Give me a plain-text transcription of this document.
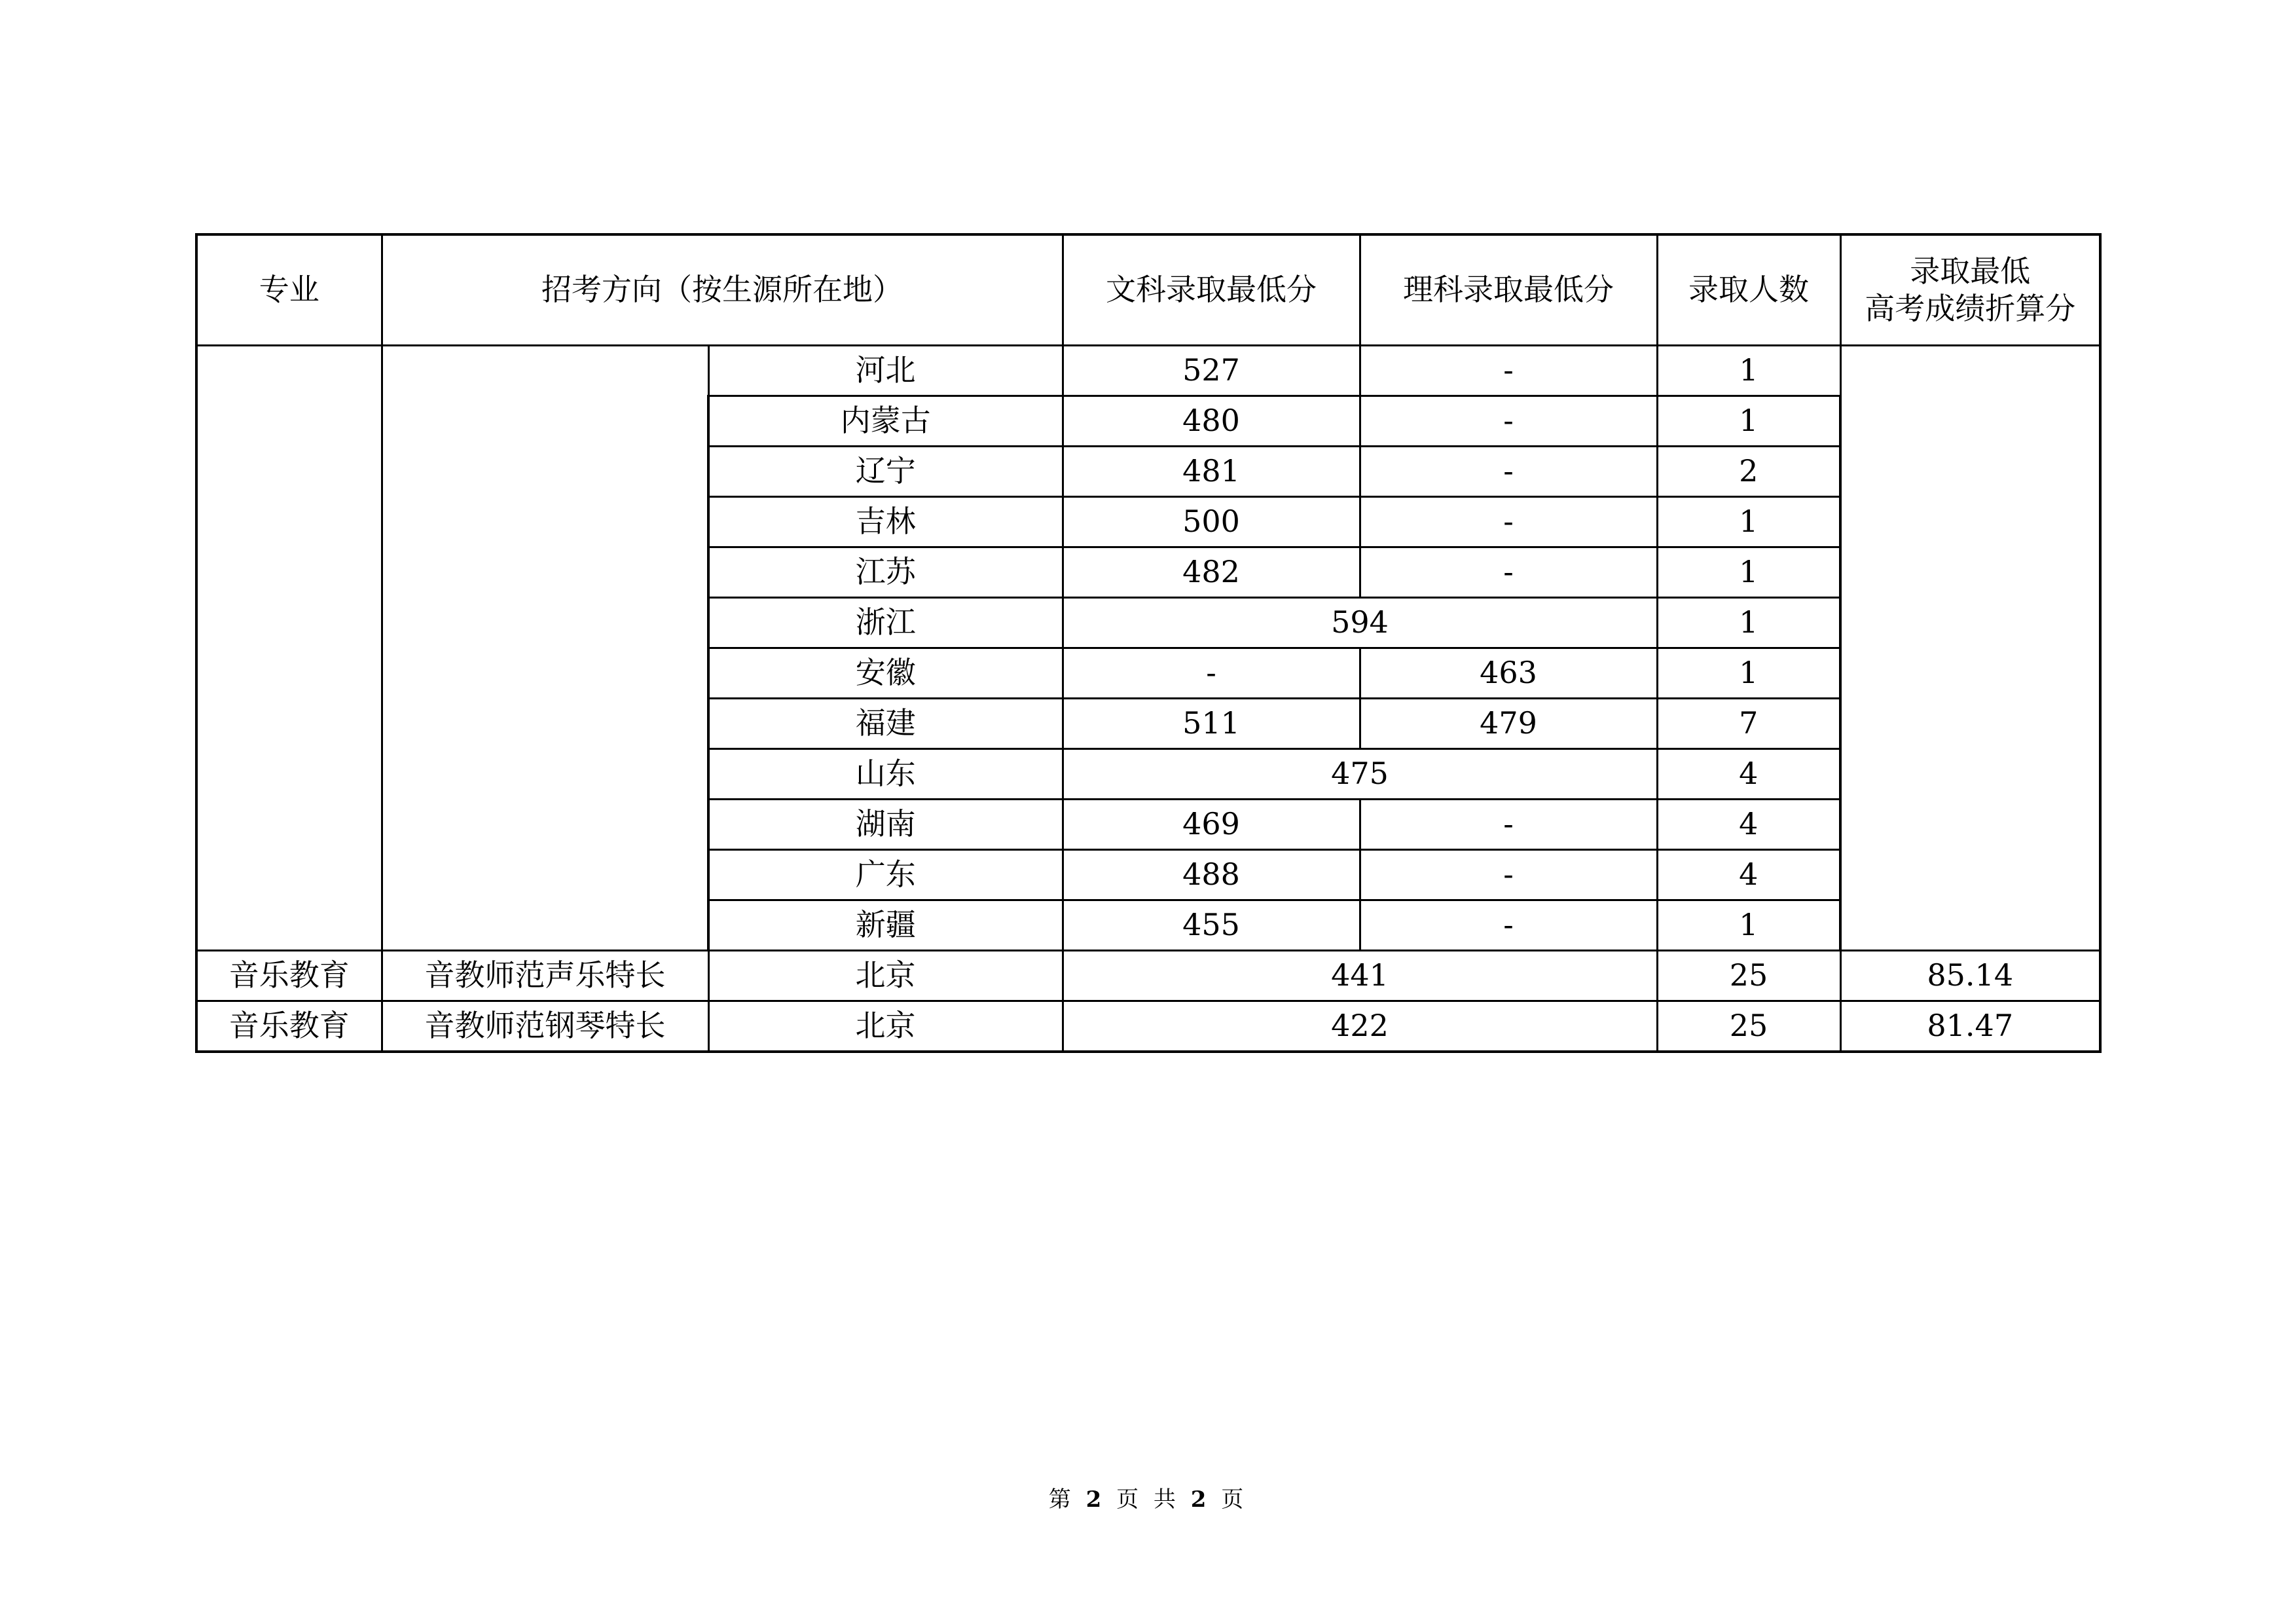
专业	招考方向（按生源所在地）		文科录取最低分	理科录取最低分	录取人数	录取最低
高考成绩折算分

		河北	527	-	1	
		内蒙古	480	-	1	
		辽宁	481	-	2	
		吉林	500	-	1	
		江苏	482	-	1	
		浙江	594		1	
		安徽	-	463	1	
		福建	511	479	7	
		山东	475		4	
		湖南	469	-	4	
		广东	488	-	4	
		新疆	455	-	1	
音乐教育	音教师范声乐特长	北京	441		25	85.14
音乐教育	音教师范钢琴特长	北京	422		25	81.47
第 2 页 共 2 页
